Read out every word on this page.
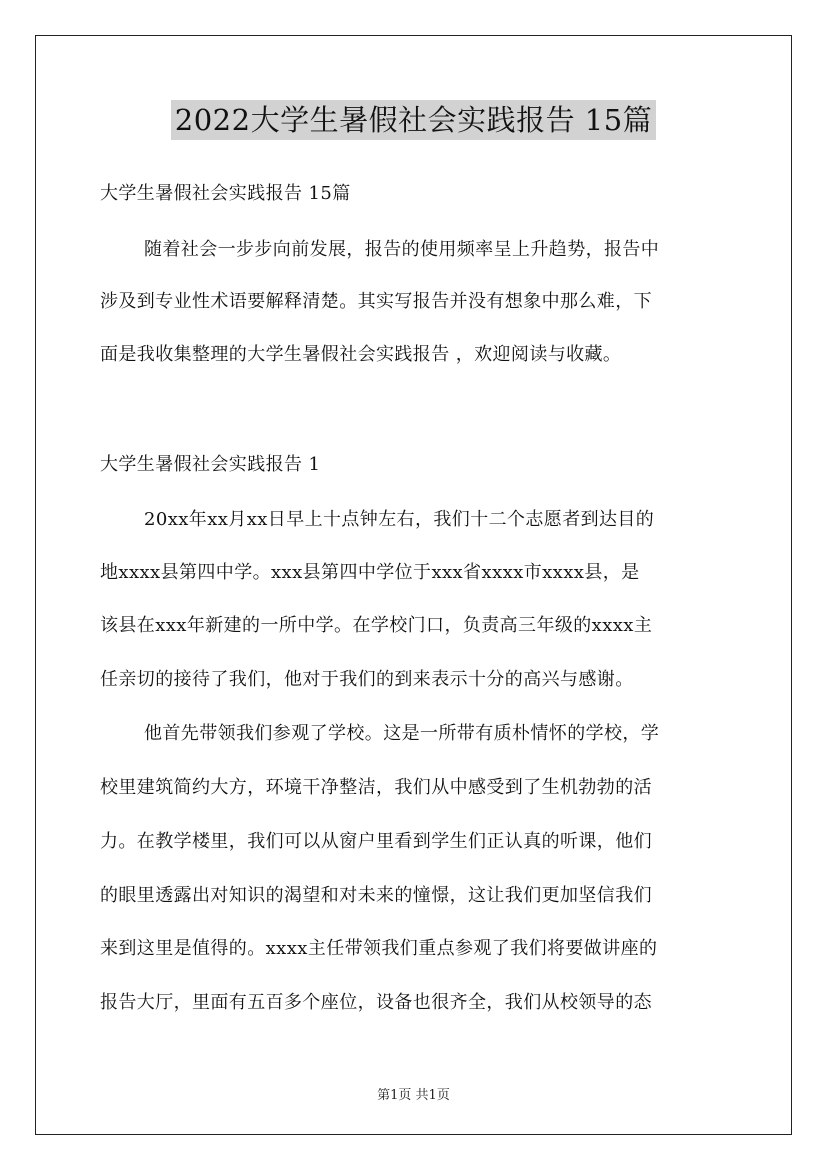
2022大学生暑假社会实践报告 15篇
大学生暑假社会实践报告 15篇
随着社会一步步向前发展，报告的使用频率呈上升趋势，报告中
涉及到专业性术语要解释清楚。其实写报告并没有想象中那么难，下
面是我收集整理的大学生暑假社会实践报告 ，欢迎阅读与收藏。
大学生暑假社会实践报告 1
20xx年xx月xx日早上十点钟左右，我们十二个志愿者到达目的
地xxxx县第四中学。xxx县第四中学位于xxx省xxxx市xxxx县，是
该县在xxx年新建的一所中学。在学校门口，负责高三年级的xxxx主
任亲切的接待了我们，他对于我们的到来表示十分的高兴与感谢。
他首先带领我们参观了学校。这是一所带有质朴情怀的学校，学
校里建筑简约大方，环境干净整洁，我们从中感受到了生机勃勃的活
力。在教学楼里，我们可以从窗户里看到学生们正认真的听课，他们
的眼里透露出对知识的渴望和对未来的憧憬，这让我们更加坚信我们
来到这里是值得的。xxxx主任带领我们重点参观了我们将要做讲座的
报告大厅，里面有五百多个座位，设备也很齐全，我们从校领导的态
第1页 共1页
